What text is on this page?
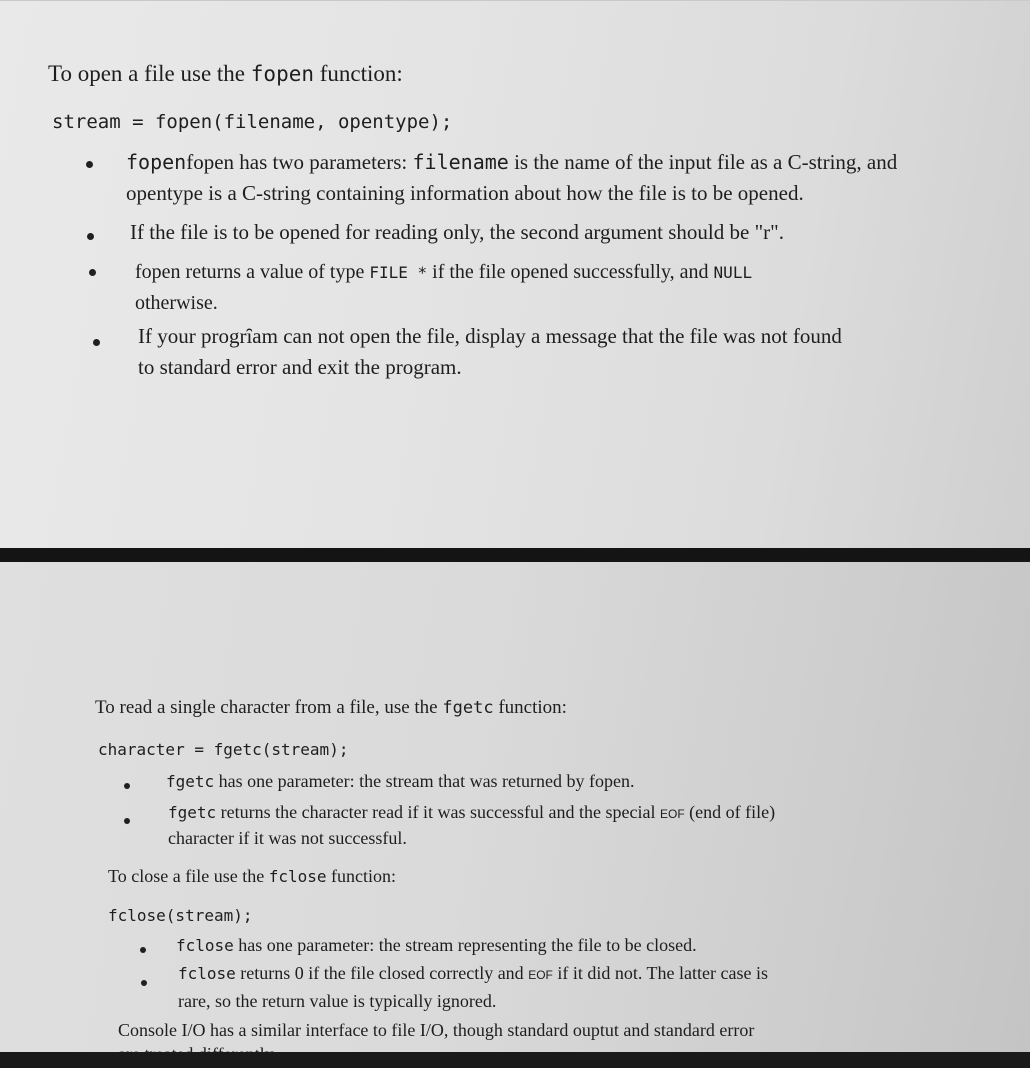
To open a file use the fopen function:
stream = fopen(filename, opentype);
fopenfopen has two parameters: filename is the name of the input file as a C-string, and
opentype is a C-string containing information about how the file is to be opened.
If the file is to be opened for reading only, the second argument should be "r".
fopen returns a value of type FILE * if the file opened successfully, and NULL
otherwise.
If your progrȋam can not open the file, display a message that the file was not found
to standard error and exit the program.
To read a single character from a file, use the fgetc function:
character = fgetc(stream);
fgetc has one parameter: the stream that was returned by fopen.
fgetc returns the character read if it was successful and the special EOF (end of file)
character if it was not successful.
To close a file use the fclose function:
fclose(stream);
fclose has one parameter: the stream representing the file to be closed.
fclose returns 0 if the file closed correctly and EOF if it did not. The latter case is
rare, so the return value is typically ignored.
Console I/O has a similar interface to file I/O, though standard ouptut and standard error
